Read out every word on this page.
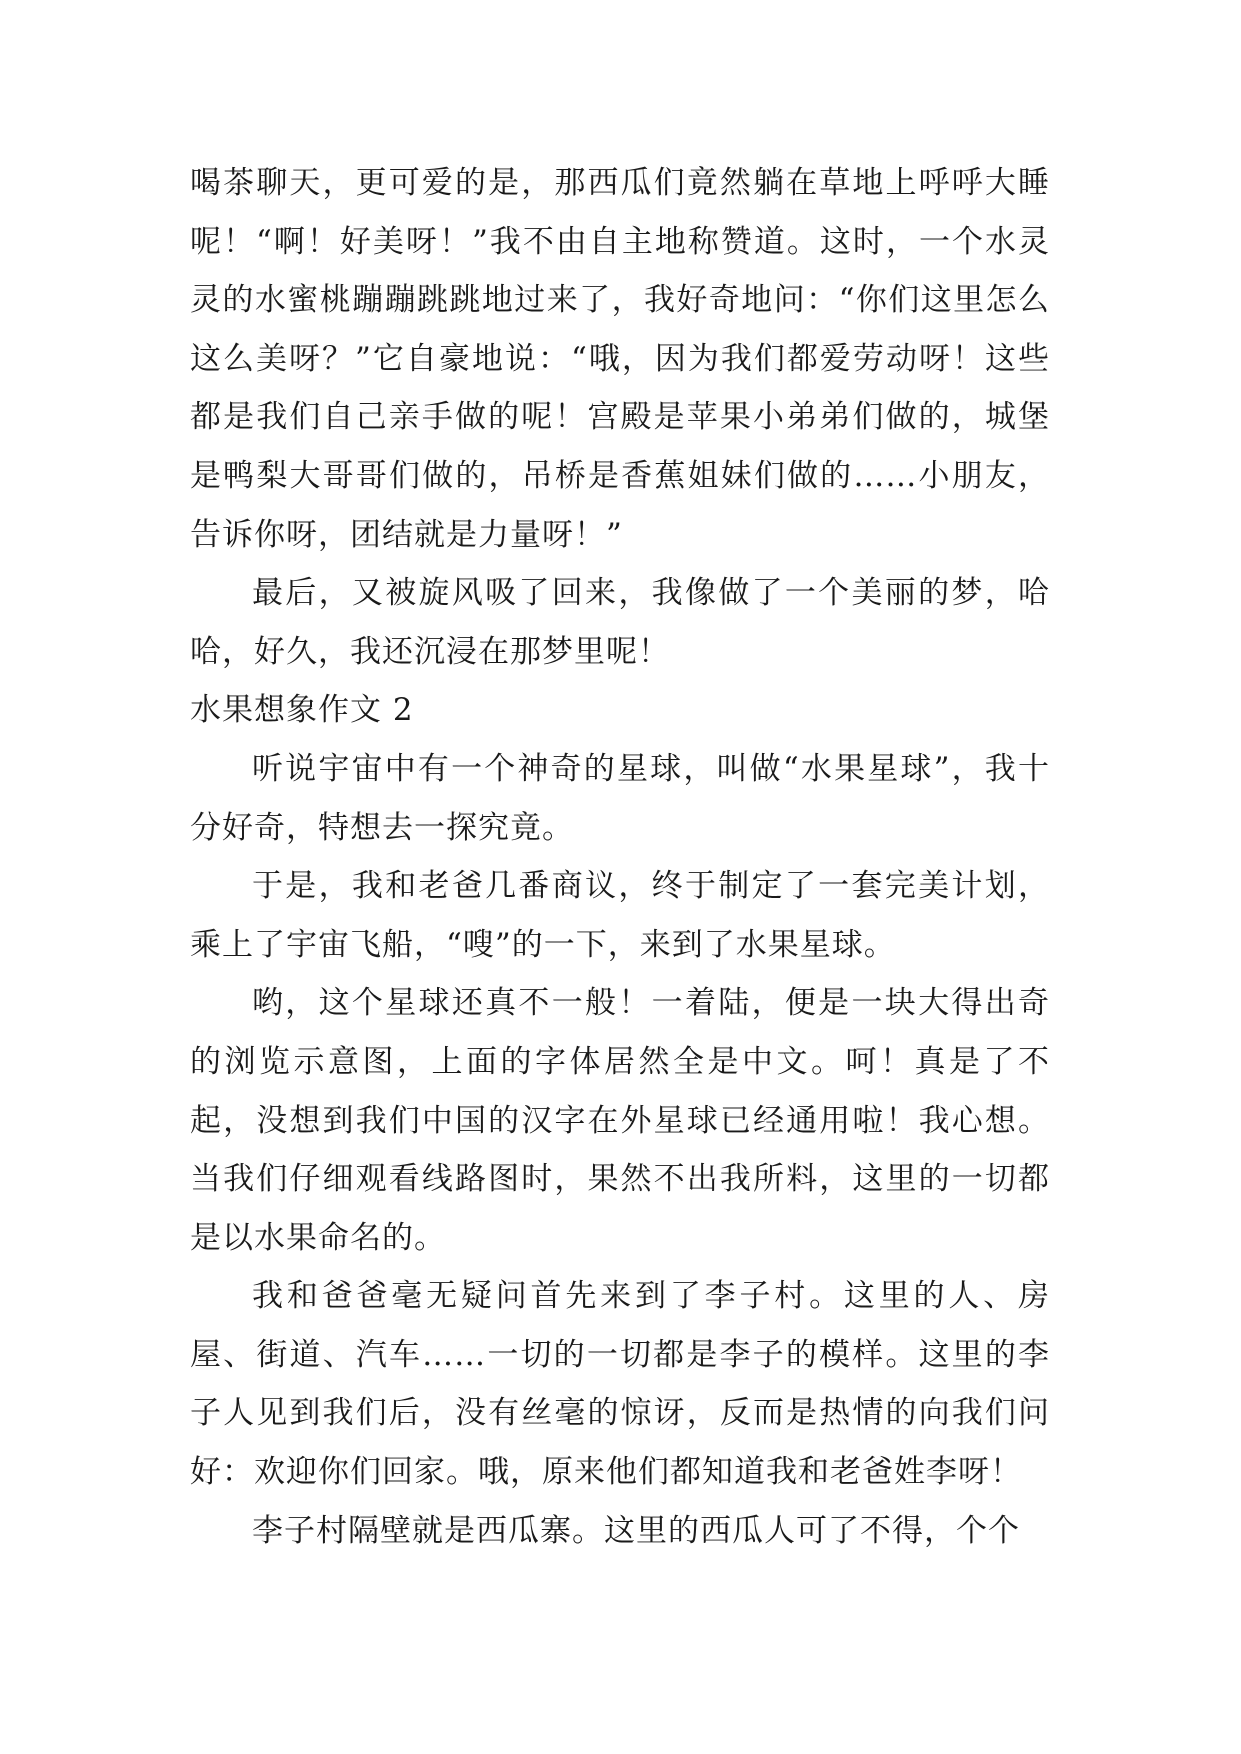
喝茶聊天，更可爱的是，那西瓜们竟然躺在草地上呼呼大睡呢！“啊！好美呀！”我不由自主地称赞道。这时，一个水灵灵的水蜜桃蹦蹦跳跳地过来了，我好奇地问：“你们这里怎么这么美呀？”它自豪地说：“哦，因为我们都爱劳动呀！这些都是我们自己亲手做的呢！宫殿是苹果小弟弟们做的，城堡是鸭梨大哥哥们做的，吊桥是香蕉姐妹们做的……小朋友，告诉你呀，团结就是力量呀！”

最后，又被旋风吸了回来，我像做了一个美丽的梦，哈哈，好久，我还沉浸在那梦里呢！

水果想象作文 2

听说宇宙中有一个神奇的星球，叫做“水果星球”，我十分好奇，特想去一探究竟。

于是，我和老爸几番商议，终于制定了一套完美计划，乘上了宇宙飞船，“嗖”的一下，来到了水果星球。

哟，这个星球还真不一般！一着陆，便是一块大得出奇的浏览示意图，上面的字体居然全是中文。呵！真是了不起，没想到我们中国的汉字在外星球已经通用啦！我心想。当我们仔细观看线路图时，果然不出我所料，这里的一切都是以水果命名的。

我和爸爸毫无疑问首先来到了李子村。这里的人、房屋、街道、汽车……一切的一切都是李子的模样。这里的李子人见到我们后，没有丝毫的惊讶，反而是热情的向我们问好：欢迎你们回家。哦，原来他们都知道我和老爸姓李呀！

李子村隔壁就是西瓜寨。这里的西瓜人可了不得，个个
